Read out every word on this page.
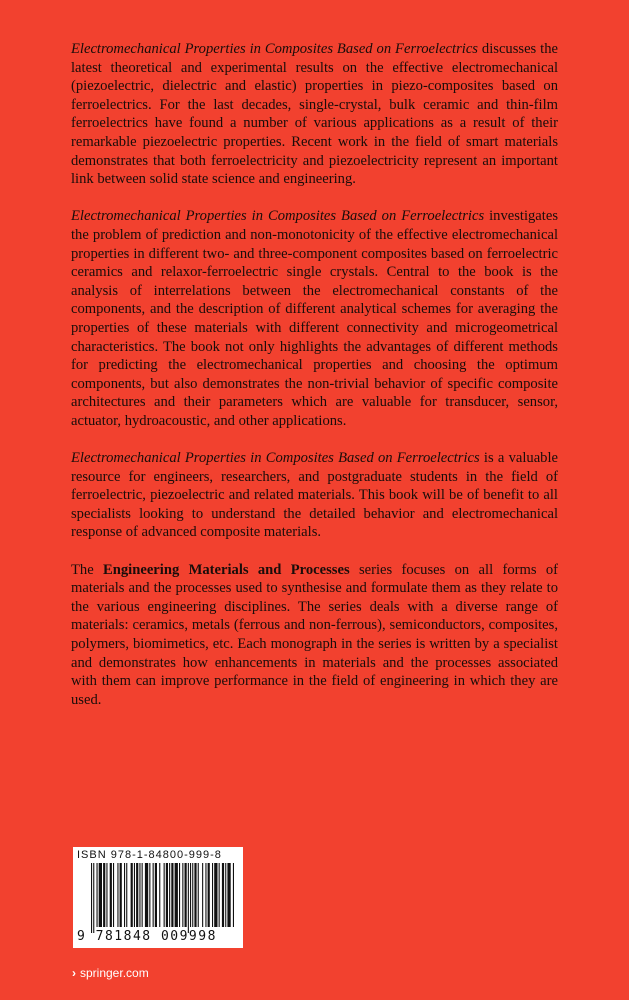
Electromechanical Properties in Composites Based on Ferroelectrics discusses the latest theoretical and experimental results on the effective electromechanical (piezoelectric, dielectric and elastic) properties in piezo-composites based on ferroelectrics. For the last decades, single-crystal, bulk ceramic and thin-film ferroelectrics have found a number of various applications as a result of their remarkable piezoelectric properties. Recent work in the field of smart materials demonstrates that both ferroelectricity and piezoelectricity represent an important link between solid state science and engineering.

Electromechanical Properties in Composites Based on Ferroelectrics investigates the problem of prediction and non-monotonicity of the effective electromechanical properties in different two- and three-component composites based on ferroelectric ceramics and relaxor-ferroelectric single crystals. Central to the book is the analysis of interrelations between the electromechanical constants of the components, and the description of different analytical schemes for averaging the properties of these materials with different connectivity and microgeometrical characteristics. The book not only highlights the advantages of different methods for predicting the electromechanical properties and choosing the optimum components, but also demonstrates the non-trivial behavior of specific composite architectures and their parameters which are valuable for transducer, sensor, actuator, hydroacoustic, and other applications.

Electromechanical Properties in Composites Based on Ferroelectrics is a valuable resource for engineers, researchers, and postgraduate students in the field of ferroelectric, piezoelectric and related materials. This book will be of benefit to all specialists looking to understand the detailed behavior and electromechanical response of advanced composite materials.

The Engineering Materials and Processes series focuses on all forms of materials and the processes used to synthesise and formulate them as they relate to the various engineering disciplines. The series deals with a diverse range of materials: ceramics, metals (ferrous and non-ferrous), semiconductors, composites, polymers, biomimetics, etc. Each monograph in the series is written by a specialist and demonstrates how enhancements in materials and the processes associated with them can improve performance in the field of engineering in which they are used.

ISBN 978-1-84800-999-8
9 781848 009998
› springer.com
